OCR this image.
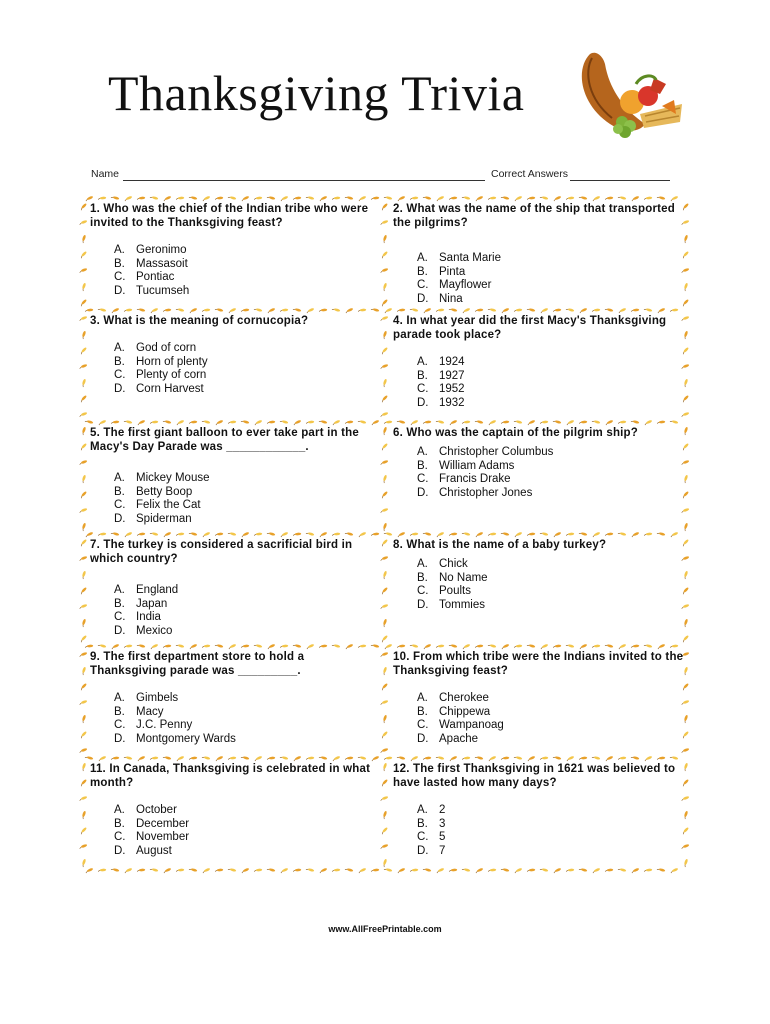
Thanksgiving Trivia
Name	Correct Answers

1. Who was the chief of the Indian tribe who were invited to the Thanksgiving feast?

A. Geronimo
B. Massasoit
C. Pontiac
D. Tucumseh

2. What was the name of the ship that transported the pilgrims?

A. Santa Marie
B. Pinta
C. Mayflower
D. Nina

3. What is the meaning of cornucopia?

A. God of corn
B. Horn of plenty
C. Plenty of corn
D. Corn Harvest

4. In what year did the first Macy's Thanksgiving parade took place?

A. 1924
B. 1927
C. 1952
D. 1932

5. The first giant balloon to ever take part in the Macy's Day Parade was ____________.

A. Mickey Mouse
B. Betty Boop
C. Felix the Cat
D. Spiderman

6. Who was the captain of the pilgrim ship?

A. Christopher Columbus
B. William Adams
C. Francis Drake
D. Christopher Jones

7. The turkey is considered a sacrificial bird in which country?

A. England
B. Japan
C. India
D. Mexico

8. What is the name of a baby turkey?

A. Chick
B. No Name
C. Poults
D. Tommies

9. The first department store to hold a Thanksgiving parade was _________.

A. Gimbels
B. Macy
C. J.C. Penny
D. Montgomery Wards

10. From which tribe were the Indians invited to the Thanksgiving feast?

A. Cherokee
B. Chippewa
C. Wampanoag
D. Apache

11. In Canada, Thanksgiving is celebrated in what month?

A. October
B. December
C. November
D. August

12. The first Thanksgiving in 1621 was believed to have lasted how many days?

A. 2
B. 3
C. 5
D. 7
www.AllFreePrintable.com
